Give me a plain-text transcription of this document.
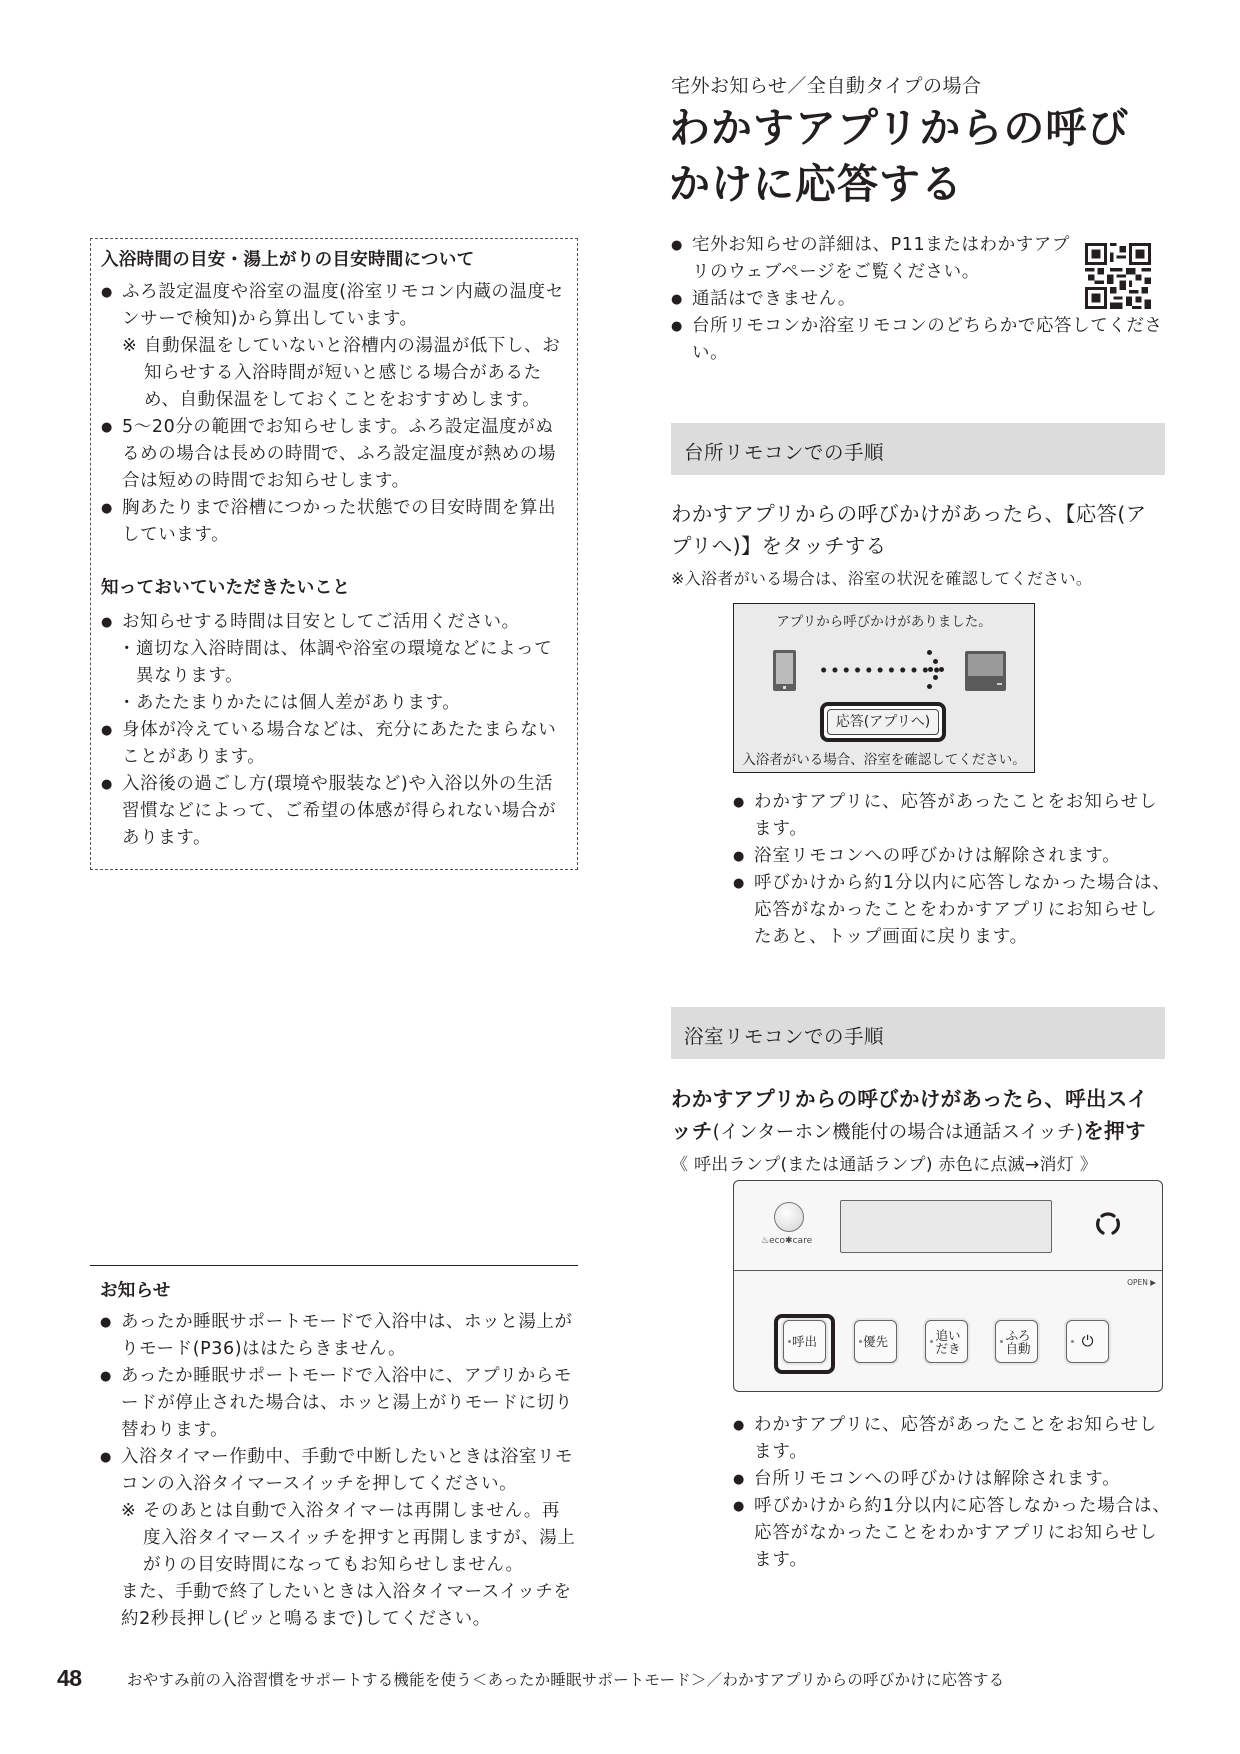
入浴時間の目安・湯上がりの目安時間について
● ふろ設定温度や浴室の温度(浴室リモコン内蔵の温度センサーで検知)から算出しています。
※ 自動保温をしていないと浴槽内の湯温が低下し、お知らせする入浴時間が短いと感じる場合があるため、自動保温をしておくことをおすすめします。
● 5〜20分の範囲でお知らせします。ふろ設定温度がぬるめの場合は長めの時間で、ふろ設定温度が熱めの場合は短めの時間でお知らせします。
● 胸あたりまで浴槽につかった状態での目安時間を算出しています。
知っておいていただきたいこと
● お知らせする時間は目安としてご活用ください。
・ 適切な入浴時間は、体調や浴室の環境などによって異なります。
・ あたたまりかたには個人差があります。
● 身体が冷えている場合などは、充分にあたたまらないことがあります。
● 入浴後の過ごし方(環境や服装など)や入浴以外の生活習慣などによって、ご希望の体感が得られない場合があります。
お知らせ
● あったか睡眠サポートモードで入浴中は、ホッと湯上がりモード(P36)ははたらきません。
● あったか睡眠サポートモードで入浴中に、アプリからモードが停止された場合は、ホッと湯上がりモードに切り替わります。
● 入浴タイマー作動中、手動で中断したいときは浴室リモコンの入浴タイマースイッチを押してください。
※ そのあとは自動で入浴タイマーは再開しません。再度入浴タイマースイッチを押すと再開しますが、湯上がりの目安時間になってもお知らせしません。
また、手動で終了したいときは入浴タイマースイッチを約2秒長押し(ピッと鳴るまで)してください。
宅外お知らせ／全自動タイプの場合
わかすアプリからの呼び
かけに応答する
● 宅外お知らせの詳細は、P11またはわかすアプリのウェブページをご覧ください。
● 通話はできません。
● 台所リモコンか浴室リモコンのどちらかで応答してください。
台所リモコンでの手順
わかすアプリからの呼びかけがあったら、【応答(アプリへ)】をタッチする
※入浴者がいる場合は、浴室の状況を確認してください。
アプリから呼びかけがありました。
応答(アプリへ)
入浴者がいる場合、浴室を確認してください。
● わかすアプリに、応答があったことをお知らせします。
● 浴室リモコンへの呼びかけは解除されます。
● 呼びかけから約1分以内に応答しなかった場合は、応答がなかったことをわかすアプリにお知らせしたあと、トップ画面に戻ります。
浴室リモコンでの手順
わかすアプリからの呼びかけがあったら、呼出スイッチ(インターホン機能付の場合は通話スイッチ)を押す
《 呼出ランプ(または通話ランプ) 赤色に点滅→消灯 》
♨eco✱care
OPEN ▶
呼出	優先	追い だき
ふろ 自動	⏻
● わかすアプリに、応答があったことをお知らせします。
● 台所リモコンへの呼びかけは解除されます。
● 呼びかけから約1分以内に応答しなかった場合は、応答がなかったことをわかすアプリにお知らせします。
48	おやすみ前の入浴習慣をサポートする機能を使う＜あったか睡眠サポートモード＞／わかすアプリからの呼びかけに応答する
